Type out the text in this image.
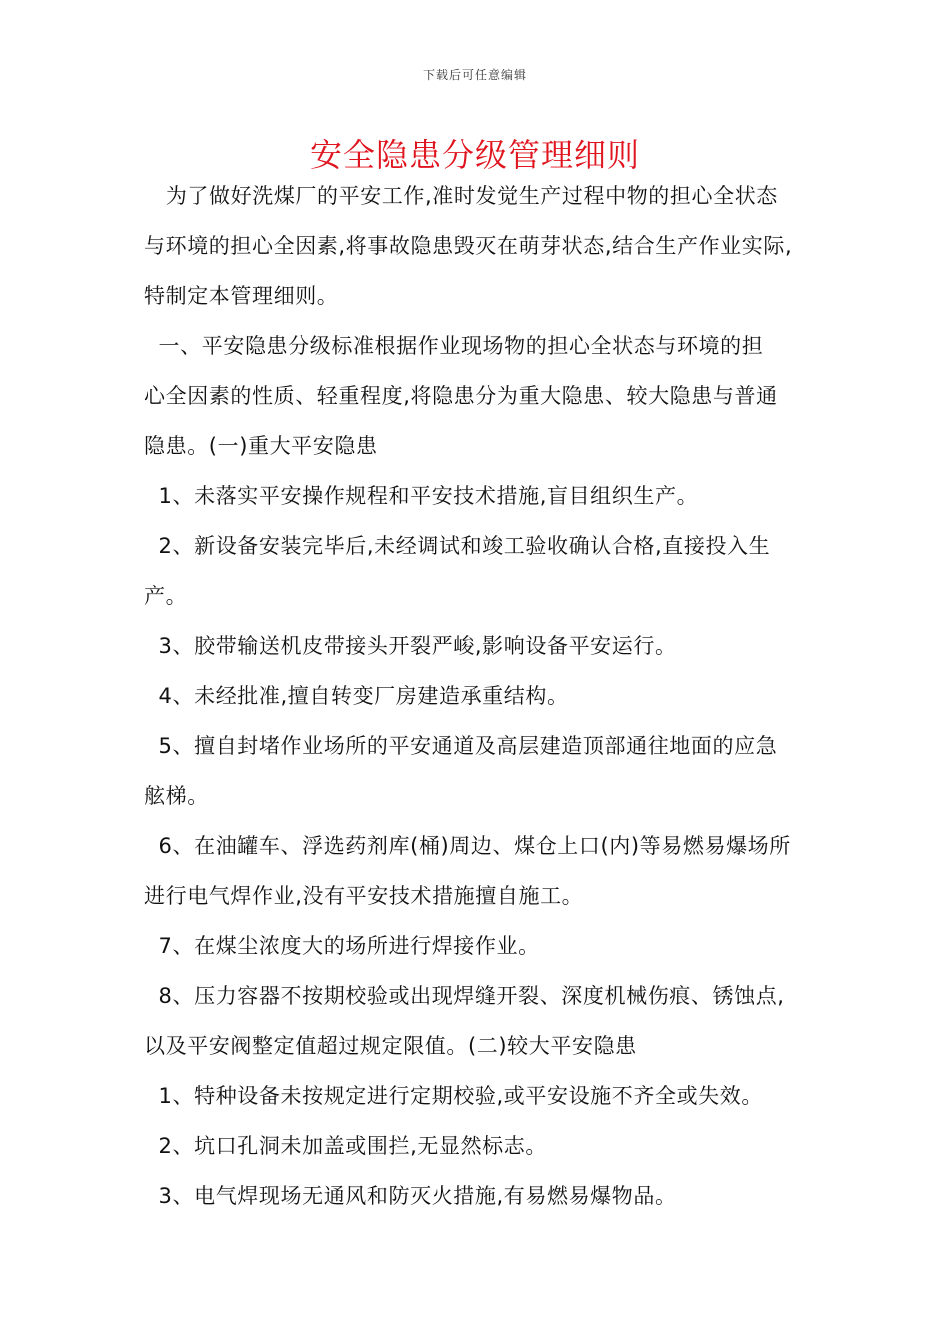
下载后可任意编辑
安全隐患分级管理细则
为了做好洗煤厂的平安工作,准时发觉生产过程中物的担心全状态
与环境的担心全因素,将事故隐患毁灭在萌芽状态,结合生产作业实际,
特制定本管理细则。
一、平安隐患分级标准根据作业现场物的担心全状态与环境的担
心全因素的性质、轻重程度,将隐患分为重大隐患、较大隐患与普通
隐患。(一)重大平安隐患
1、未落实平安操作规程和平安技术措施,盲目组织生产。
2、新设备安装完毕后,未经调试和竣工验收确认合格,直接投入生
产。
3、胶带输送机皮带接头开裂严峻,影响设备平安运行。
4、未经批准,擅自转变厂房建造承重结构。
5、擅自封堵作业场所的平安通道及高层建造顶部通往地面的应急
舷梯。
6、在油罐车、浮选药剂库(桶)周边、煤仓上口(内)等易燃易爆场所
进行电气焊作业,没有平安技术措施擅自施工。
7、在煤尘浓度大的场所进行焊接作业。
8、压力容器不按期校验或出现焊缝开裂、深度机械伤痕、锈蚀点,
以及平安阀整定值超过规定限值。(二)较大平安隐患
1、特种设备未按规定进行定期校验,或平安设施不齐全或失效。
2、坑口孔洞未加盖或围拦,无显然标志。
3、电气焊现场无通风和防灭火措施,有易燃易爆物品。
